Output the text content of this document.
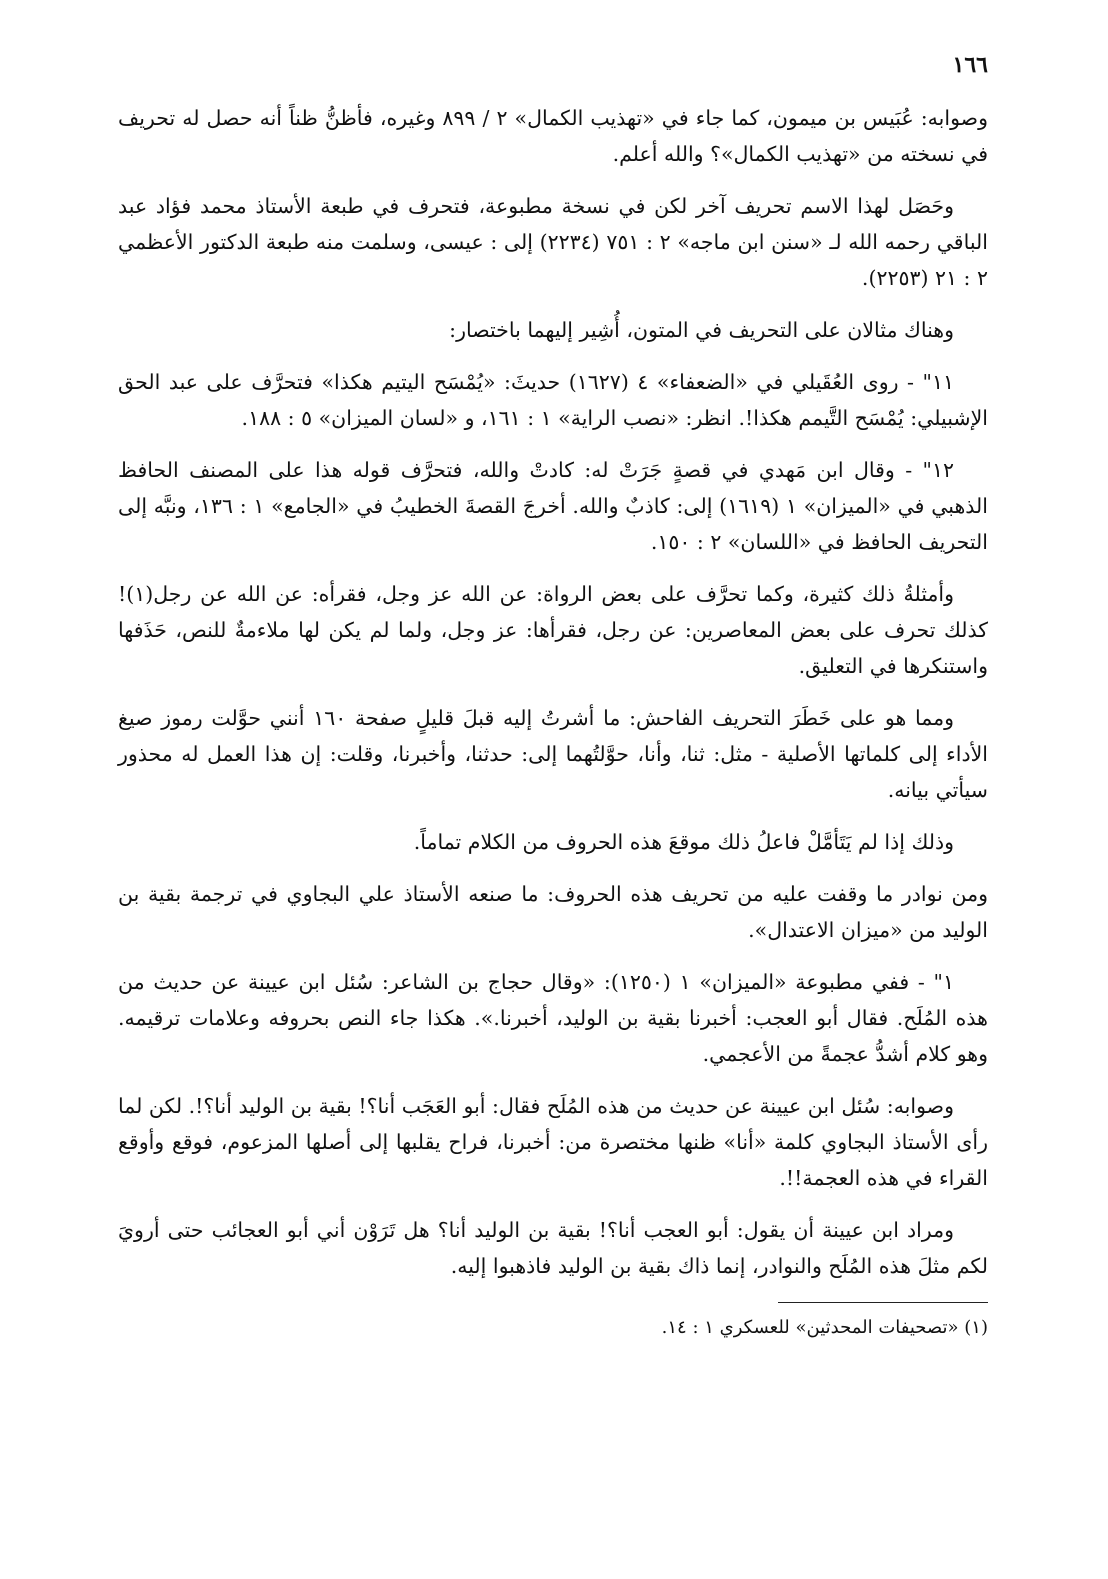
١٦٦

وصوابه: عُبَيس بن ميمون، كما جاء في «تهذيب الكمال» ٢ / ٨٩٩ وغيره، فأظنُّ ظناً أنه حصل له تحريف في نسخته من «تهذيب الكمال»؟ والله أعلم.

وحَصَل لهذا الاسم تحريف آخر لكن في نسخة مطبوعة، فتحرف في طبعة الأستاذ محمد فؤاد عبد الباقي رحمه الله لـ «سنن ابن ماجه» ٢ : ٧٥١ (٢٢٣٤) إلى : عيسى، وسلمت منه طبعة الدكتور الأعظمي ٢ : ٢١ (٢٢٥٣).

وهناك مثالان على التحريف في المتون، أُشِير إليهما باختصار:

١١" - روى العُقَيلي في «الضعفاء» ٤ (١٦٢٧) حديثَ: «يُمْسَح اليتيم هكذا» فتحرَّف على عبد الحق الإشبيلي: يُمْسَح التَّيمم هكذا!. انظر: «نصب الراية» ١ : ١٦١، و «لسان الميزان» ٥ : ١٨٨.

١٢" - وقال ابن مَهدي في قصةٍ جَرَتْ له: كادتْ والله، فتحرَّف قوله هذا على المصنف الحافظ الذهبي في «الميزان» ١ (١٦١٩) إلى: كاذبٌ والله. أخرجَ القصةَ الخطيبُ في «الجامع» ١ : ١٣٦، ونبَّه إلى التحريف الحافظ في «اللسان» ٢ : ١٥٠.

وأمثلةُ ذلك كثيرة، وكما تحرَّف على بعض الرواة: عن الله عز وجل، فقرأه: عن الله عن رجل(١)! كذلك تحرف على بعض المعاصرين: عن رجل، فقرأها: عز وجل، ولما لم يكن لها ملاءمةٌ للنص، حَذَفها واستنكرها في التعليق.

ومما هو على خَطَرَ التحريف الفاحش: ما أشرتُ إليه قبلَ قليلٍ صفحة ١٦٠ أنني حوَّلت رموز صيغ الأداء إلى كلماتها الأصلية - مثل: ثنا، وأنا، حوَّلتُهما إلى: حدثنا، وأخبرنا، وقلت: إن هذا العمل له محذور سيأتي بيانه.

وذلك إذا لم يَتَأمَّلْ فاعلُ ذلك موقعَ هذه الحروف من الكلام تماماً.

ومن نوادر ما وقفت عليه من تحريف هذه الحروف: ما صنعه الأستاذ علي البجاوي في ترجمة بقية بن الوليد من «ميزان الاعتدال».

١" - ففي مطبوعة «الميزان» ١ (١٢٥٠): «وقال حجاج بن الشاعر: سُئل ابن عيينة عن حديث من هذه المُلَح. فقال أبو العجب: أخبرنا بقية بن الوليد، أخبرنا.». هكذا جاء النص بحروفه وعلامات ترقيمه. وهو كلام أشدُّ عجمةً من الأعجمي.

وصوابه: سُئل ابن عيينة عن حديث من هذه المُلَح فقال: أبو العَجَب أنا؟! بقية بن الوليد أنا؟!. لكن لما رأى الأستاذ البجاوي كلمة «أنا» ظنها مختصرة من: أخبرنا، فراح يقلبها إلى أصلها المزعوم، فوقع وأوقع القراء في هذه العجمة!!.

ومراد ابن عيينة أن يقول: أبو العجب أنا؟! بقية بن الوليد أنا؟ هل تَرَوْن أني أبو العجائب حتى أرويَ لكم مثلَ هذه المُلَح والنوادر، إنما ذاك بقية بن الوليد فاذهبوا إليه.

(١) «تصحيفات المحدثين» للعسكري ١ : ١٤.
